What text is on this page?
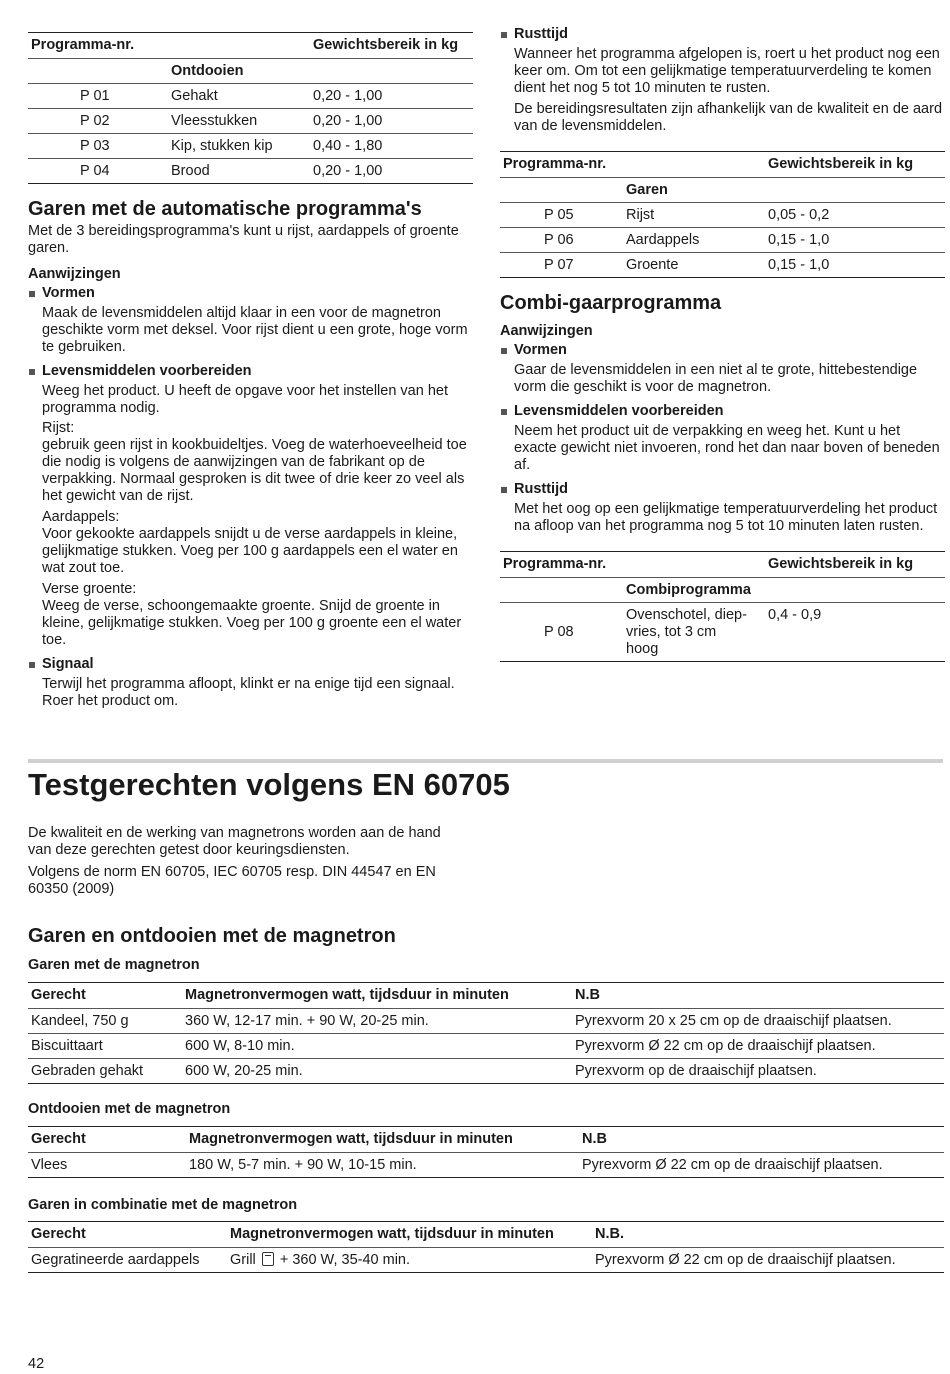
Programma-nr.		Gewichtsbereik in kg
	Ontdooien	
P 01	Gehakt	0,20 - 1,00
P 02	Vleesstukken	0,20 - 1,00
P 03	Kip, stukken kip	0,40 - 1,80
P 04	Brood	0,20 - 1,00
Garen met de automatische programma's

Met de 3 bereidingsprogramma's kunt u rijst, aardappels of groente garen.

Aanwijzingen
Vormen

Maak de levensmiddelen altijd klaar in een voor de magnetron geschikte vorm met deksel. Voor rijst dient u een grote, hoge vorm te gebruiken.

Levensmiddelen voorbereiden

Weeg het product. U heeft de opgave voor het instellen van het programma nodig.

Rijst:

gebruik geen rijst in kookbuideltjes. Voeg de waterhoeveelheid toe die nodig is volgens de aanwijzingen van de fabrikant op de verpakking. Normaal gesproken is dit twee of drie keer zo veel als het gewicht van de rijst.

Aardappels:

Voor gekookte aardappels snijdt u de verse aardappels in kleine, gelijkmatige stukken. Voeg per 100 g aardappels een el water en wat zout toe.

Verse groente:

Weeg de verse, schoongemaakte groente. Snijd de groente in kleine, gelijkmatige stukken. Voeg per 100 g groente een el water toe.

Signaal

Terwijl het programma afloopt, klinkt er na enige tijd een signaal. Roer het product om.

Rusttijd

Wanneer het programma afgelopen is, roert u het product nog een keer om. Om tot een gelijkmatige temperatuurverdeling te komen dient het nog 5 tot 10 minuten te rusten.

De bereidingsresultaten zijn afhankelijk van de kwaliteit en de aard van de levensmiddelen.

Programma-nr.		Gewichtsbereik in kg
	Garen	
P 05	Rijst	0,05 - 0,2
P 06	Aardappels	0,15 - 1,0
P 07	Groente	0,15 - 1,0
Combi-gaarprogramma
Aanwijzingen
Vormen

Gaar de levensmiddelen in een niet al te grote, hittebestendige vorm die geschikt is voor de magnetron.

Levensmiddelen voorbereiden

Neem het product uit de verpakking en weeg het. Kunt u het exacte gewicht niet invoeren, rond het dan naar boven of beneden af.

Rusttijd

Met het oog op een gelijkmatige temperatuurverdeling het product na afloop van het programma nog 5 tot 10 minuten laten rusten.

Programma-nr.		Gewichtsbereik in kg
	Combiprogramma	
P 08	Ovenschotel, diep-
vries, tot 3 cm
hoog	0,4 - 0,9
Testgerechten volgens EN 60705

De kwaliteit en de werking van magnetrons worden aan de hand van deze gerechten getest door keuringsdiensten.

Volgens de norm EN 60705, IEC 60705 resp. DIN 44547 en EN 60350 (2009)

Garen en ontdooien met de magnetron
Garen met de magnetron
Gerecht	Magnetronvermogen watt, tijdsduur in minuten	N.B
Kandeel, 750 g	360 W, 12-17 min. + 90 W, 20-25 min.	Pyrexvorm 20 x 25 cm op de draaischijf plaatsen.
Biscuittaart	600 W, 8-10 min.	Pyrexvorm Ø 22 cm op de draaischijf plaatsen.
Gebraden gehakt	600 W, 20-25 min.	Pyrexvorm op de draaischijf plaatsen.
Ontdooien met de magnetron
Gerecht	Magnetronvermogen watt, tijdsduur in minuten	N.B
Vlees	180 W, 5-7 min. + 90 W, 10-15 min.	Pyrexvorm Ø 22 cm op de draaischijf plaatsen.
Garen in combinatie met de magnetron
Gerecht	Magnetronvermogen watt, tijdsduur in minuten	N.B.
Gegratineerde aardappels	Grill + 360 W, 35-40 min.	Pyrexvorm Ø 22 cm op de draaischijf plaatsen.
42
